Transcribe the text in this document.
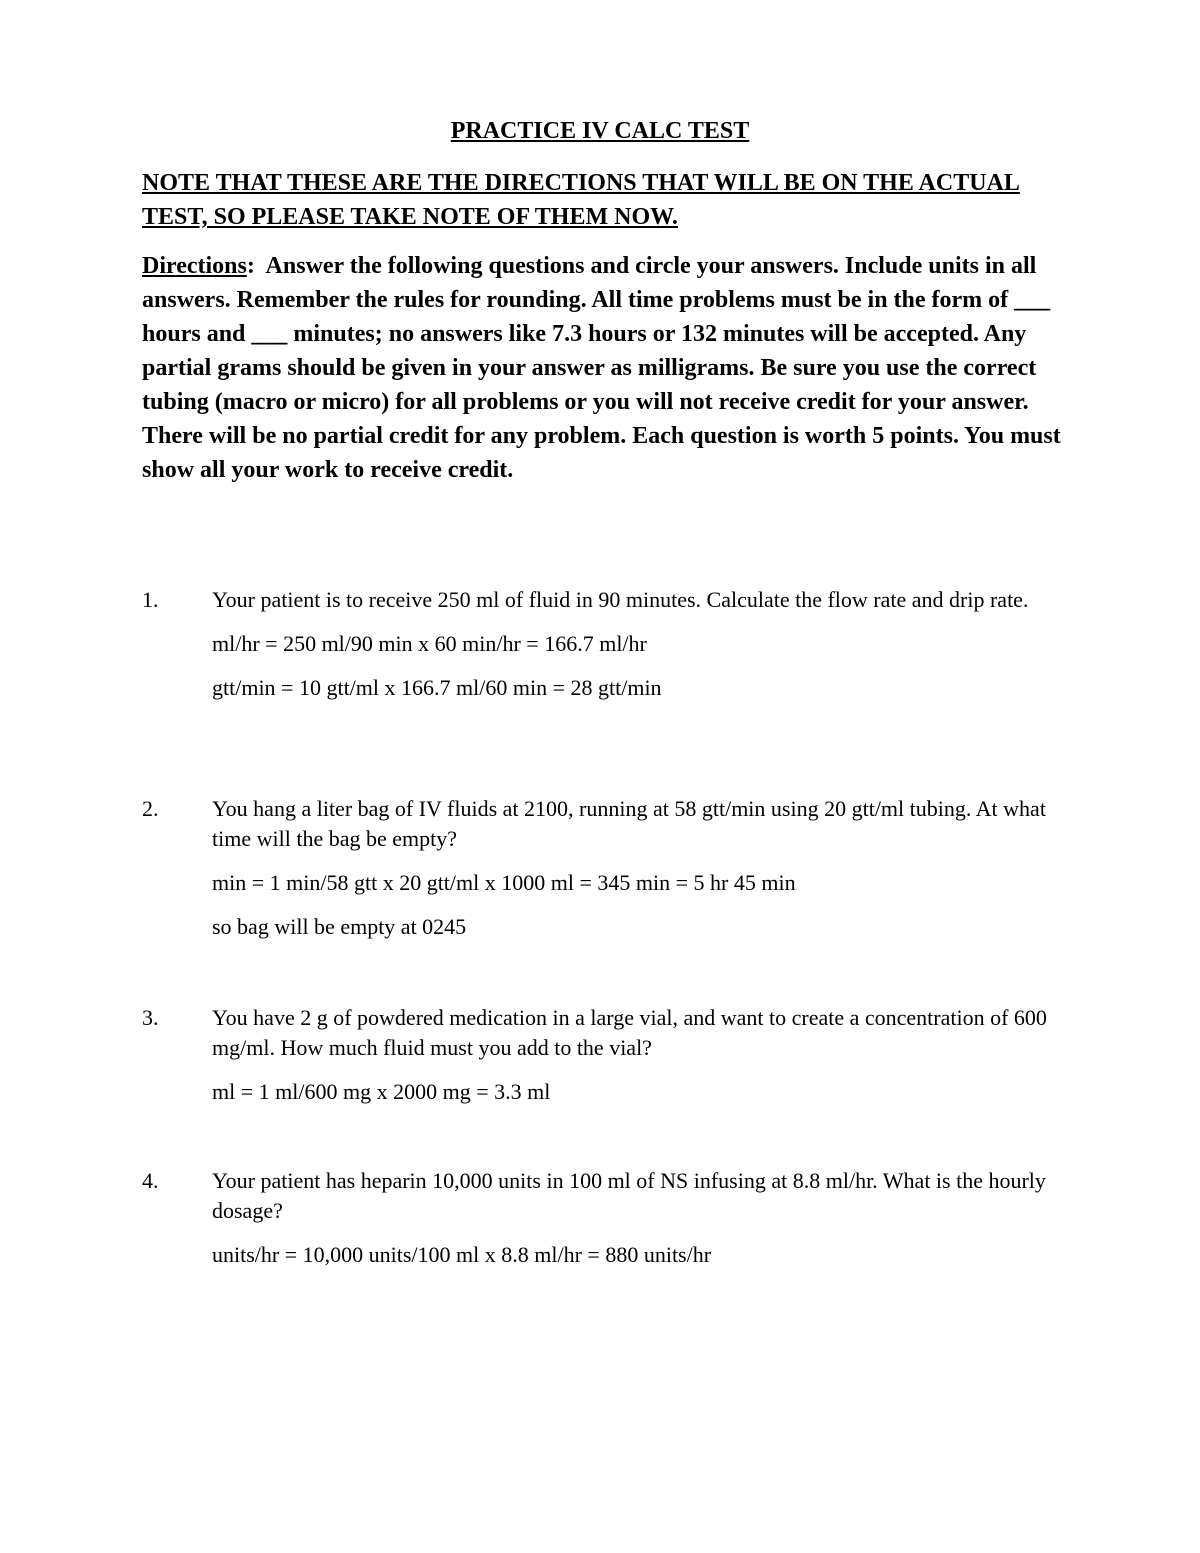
PRACTICE IV CALC TEST
NOTE THAT THESE ARE THE DIRECTIONS THAT WILL BE ON THE ACTUAL TEST, SO PLEASE TAKE NOTE OF THEM NOW.
Directions:  Answer the following questions and circle your answers. Include units in all answers. Remember the rules for rounding. All time problems must be in the form of ___ hours and ___ minutes; no answers like 7.3 hours or 132 minutes will be accepted. Any partial grams should be given in your answer as milligrams. Be sure you use the correct tubing (macro or micro) for all problems or you will not receive credit for your answer. There will be no partial credit for any problem. Each question is worth 5 points. You must show all your work to receive credit.
1.	Your patient is to receive 250 ml of fluid in 90 minutes. Calculate the flow rate and drip rate.
ml/hr = 250 ml/90 min x 60 min/hr = 166.7 ml/hr
gtt/min = 10 gtt/ml x 166.7 ml/60 min = 28 gtt/min
2.	You hang a liter bag of IV fluids at 2100, running at 58 gtt/min using 20 gtt/ml tubing. At what time will the bag be empty?
min = 1 min/58 gtt x 20 gtt/ml x 1000 ml = 345 min = 5 hr 45 min
so bag will be empty at 0245
3.	You have 2 g of powdered medication in a large vial, and want to create a concentration of 600 mg/ml. How much fluid must you add to the vial?
ml = 1 ml/600 mg x 2000 mg = 3.3 ml
4.	Your patient has heparin 10,000 units in 100 ml of NS infusing at 8.8 ml/hr. What is the hourly dosage?
units/hr = 10,000 units/100 ml x 8.8 ml/hr = 880 units/hr
